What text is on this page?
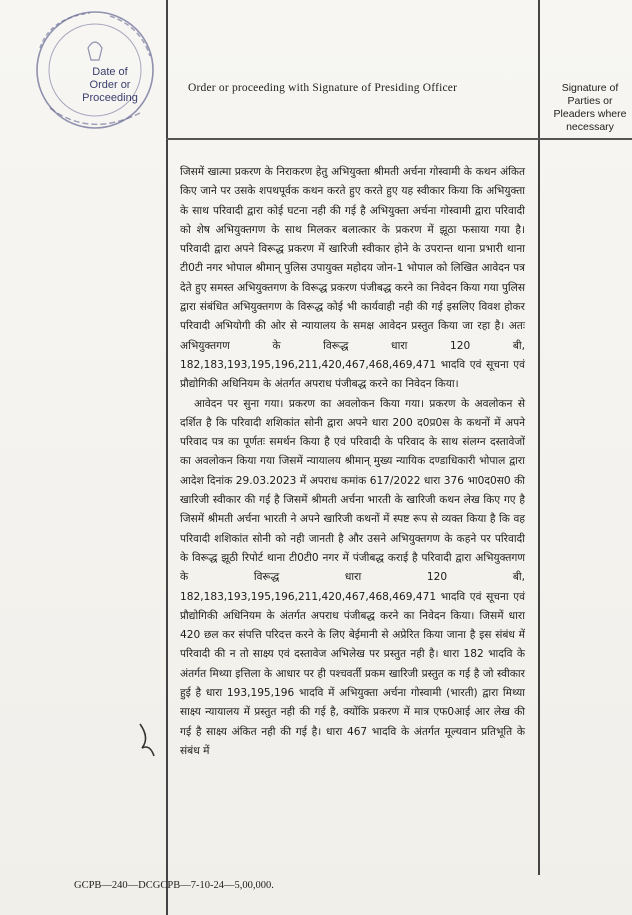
Date of
Order or
Proceeding
Order or proceeding with Signature of Presiding Officer	Signature of Parties or Pleaders where necessary

जिसमें खात्मा प्रकरण के निराकरण हेतु अभियुक्ता श्रीमती अर्चना गोस्वामी के कथन अंकित किए जाने पर उसके शपथपूर्वक कथन करते हुए करते हुए यह स्वीकार किया कि अभियुक्ता के साथ परिवादी द्वारा कोई घटना नही की गई है अभियुक्ता अर्चना गोस्वामी द्वारा परिवादी को शेष अभियुक्तगण के साथ मिलकर बलात्कार के प्रकरण में झूठा फसाया गया है। परिवादी द्वारा अपने विरूद्ध प्रकरण में खारिजी स्वीकार होने के उपरान्त थाना प्रभारी थाना टी0टी नगर भोपाल श्रीमान् पुलिस उपायुक्त महोदय जोन-1 भोपाल को लिखित आवेदन पत्र देते हुए समस्त अभियुक्तगण के विरूद्ध प्रकरण पंजीबद्ध करने का निवेदन किया गया पुलिस द्वारा संबंधित अभियुक्तगण के विरूद्ध कोई भी कार्यवाही नही की गई इसलिए विवश होकर परिवादी अभियोगी की ओर से न्यायालय के समक्ष आवेदन प्रस्तुत किया जा रहा है। अतः अभियुक्तगण के विरूद्ध धारा 120 बी, 182,183,193,195,196,211,420,467,468,469,471 भादवि एवं सूचना एवं प्रौद्योगिकी अधिनियम के अंतर्गत अपराध पंजीबद्ध करने का निवेदन किया।

आवेदन पर सुना गया। प्रकरण का अवलोकन किया गया। प्रकरण के अवलोकन से दर्शित है कि परिवादी शशिकांत सोनी द्वारा अपने धारा 200 द0प्र0स के कथनों में अपने परिवाद पत्र का पूर्णतः समर्थन किया है एवं परिवादी के परिवाद के साथ संलग्न दस्तावेजों का अवलोकन किया गया जिसमें न्यायालय श्रीमान् मुख्य न्यायिक दण्डाधिकारी भोपाल द्वारा आदेश दिनांक 29.03.2023 में अपराध कमांक 617/2022 धारा 376 भा0द0स0 की खारिजी स्वीकार की गई है जिसमें श्रीमती अर्चना भारती के खारिजी कथन लेख किए गए है जिसमें श्रीमती अर्चना भारती ने अपने खारिजी कथनों में स्पष्ट रूप से व्यक्त किया है कि वह परिवादी शशिकांत सोनी को नही जानती है और उसने अभियुक्तगण के कहने पर परिवादी के विरूद्ध झूठी रिपोर्ट थाना टी0टी0 नगर में पंजीबद्ध कराई है परिवादी द्वारा अभियुक्तगण के विरूद्ध धारा 120 बी, 182,183,193,195,196,211,420,467,468,469,471 भादवि एवं सूचना एवं प्रौद्योगिकी अधिनियम के अंतर्गत अपराध पंजीबद्ध करने का निवेदन किया। जिसमें धारा 420 छल कर संपत्ति परिदत्त करने के लिए बेईमानी से अप्रेरित किया जाना है इस संबंध में परिवादी की न तो साक्ष्य एवं दस्तावेज अभिलेख पर प्रस्तुत नही है। धारा 182 भादवि के अंतर्गत मिथ्या इत्तिला के आधार पर ही पश्चवर्ती प्रकम खारिजी प्रस्तुत क गई है जो स्वीकार हुई है धारा 193,195,196 भादवि में अभियुक्ता अर्चना गोस्वामी (भारती) द्वारा मिथ्या साक्ष्य न्यायालय में प्रस्तुत नही की गई है, क्योंकि प्रकरण में मात्र एफ0आई आर लेख की गई है साक्ष्य अंकित नही की गई है। धारा 467 भादवि के अंतर्गत मूल्यवान प्रतिभूति के संबंध में

GCPB—240—DCGCPB—7-10-24—5,00,000.
